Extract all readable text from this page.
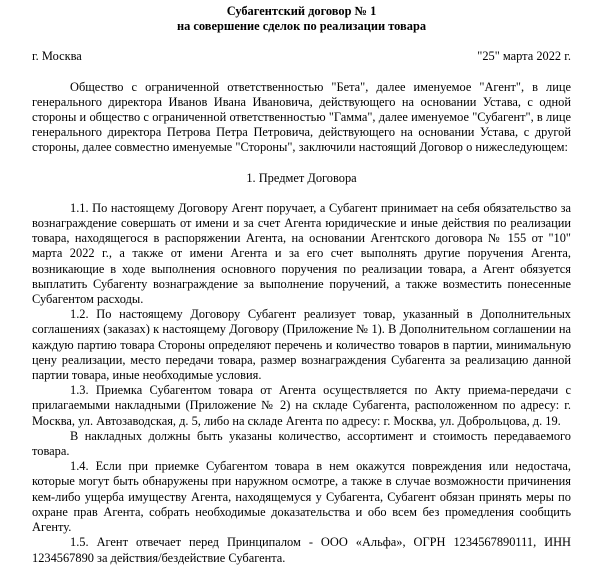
Субагентский договор № 1

на совершение сделок по реализации товара

г. Москва	"25" марта 2022 г.

Общество с ограниченной ответственностью "Бета", далее именуемое "Агент", в лице генерального директора Иванов Ивана Ивановича, действующего на основании Устава, с одной стороны и общество с ограниченной ответственностью "Гамма", далее именуемое "Субагент", в лице генерального директора Петрова Петра Петровича, действующего на основании Устава, с другой стороны, далее совместно именуемые "Стороны", заключили настоящий Договор о нижеследующем:

1. Предмет Договора

1.1. По настоящему Договору Агент поручает, а Субагент принимает на себя обязательство за вознаграждение совершать от имени и за счет Агента юридические и иные действия по реализации товара, находящегося в распоряжении Агента, на основании Агентского договора № 155 от "10" марта 2022 г., а также от имени Агента и за его счет выполнять другие поручения Агента, возникающие в ходе выполнения основного поручения по реализации товара, а Агент обязуется выплатить Субагенту вознаграждение за выполнение поручений, а также возместить понесенные Субагентом расходы.

1.2. По настоящему Договору Субагент реализует товар, указанный в Дополнительных соглашениях (заказах) к настоящему Договору (Приложение № 1). В Дополнительном соглашении на каждую партию товара Стороны определяют перечень и количество товаров в партии, минимальную цену реализации, место передачи товара, размер вознаграждения Субагента за реализацию данной партии товара, иные необходимые условия.

1.3. Приемка Субагентом товара от Агента осуществляется по Акту приема-передачи с прилагаемыми накладными (Приложение № 2) на складе Субагента, расположенном по адресу: г. Москва, ул. Автозаводская, д. 5, либо на складе Агента по адресу: г. Москва, ул. Доброльцова, д. 19.

В накладных должны быть указаны количество, ассортимент и стоимость передаваемого товара.

1.4. Если при приемке Субагентом товара в нем окажутся повреждения или недостача, которые могут быть обнаружены при наружном осмотре, а также в случае возможности причинения кем-либо ущерба имуществу Агента, находящемуся у Субагента, Субагент обязан принять меры по охране прав Агента, собрать необходимые доказательства и обо всем без промедления сообщить Агенту.

1.5. Агент отвечает перед Принципалом - ООО «Альфа», ОГРН 1234567890111, ИНН 1234567890 за действия/бездействие Субагента.
